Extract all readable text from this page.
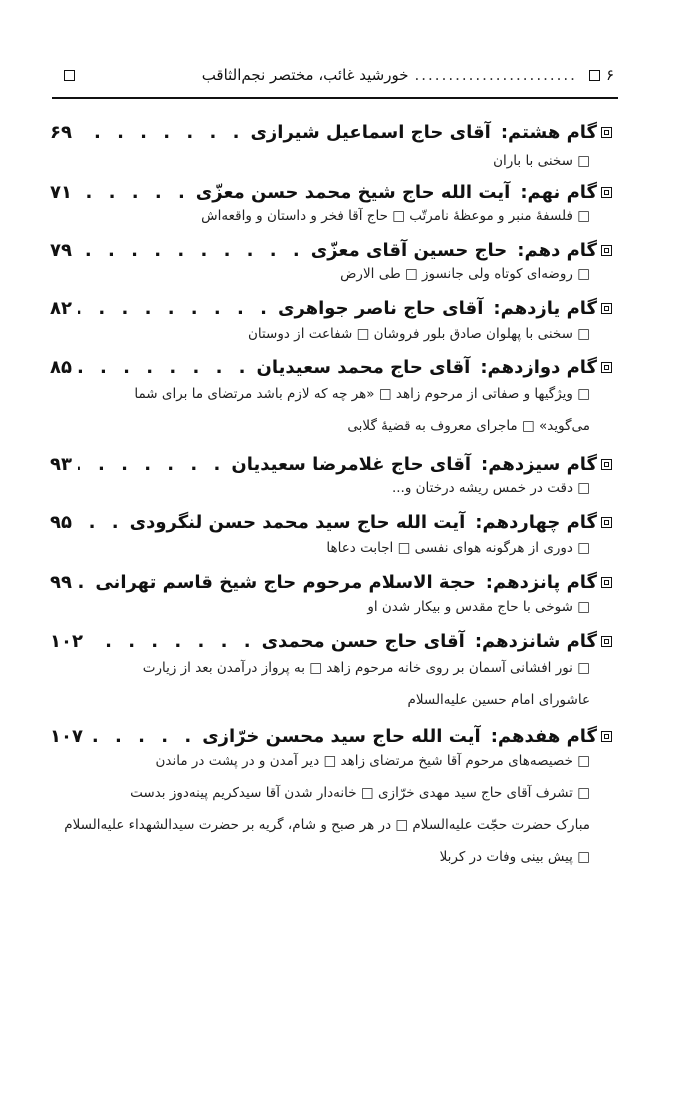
۶
........................
خورشید غائب، مختصر نجم‌الثاقب
گام هشتم:
آقای حاج اسماعیل شیرازی
. . .
۶۹
□ سخنی با باران
گام نهم:
آیت الله حاج شیخ محمد حسن معزّی
. . .
۷۱
□ فلسفهٔ منبر و موعظهٔ نامرتّب □ حاج آقا فخر و داستان و واقعه‌اش
گام دهم:
حاج حسین آقای معزّی
. . .
۷۹
□ روضه‌ای کوتاه ولی جانسوز □ طی الارض
گام یازدهم:
آقای حاج ناصر جواهری
. . .
۸۲
□ سخنی با پهلوان صادق بلور فروشان □ شفاعت از دوستان
گام دوازدهم:
آقای حاج محمد سعیدیان
. . .
۸۵
□ ویژگیها و صفاتی از مرحوم زاهد □ «هر چه که لازم باشد مرتضای ما برای شما
می‌گوید» □ ماجرای معروف به قضیهٔ گلابی
گام سیزدهم:
آقای حاج غلامرضا سعیدیان
. . .
۹۳
□ دقت در خمس ریشه درختان و...
گام چهاردهم:
آیت الله حاج سید محمد حسن لنگرودی
. . .
۹۵
□ دوری از هرگونه هوای نفسی □ اجابت دعاها
گام پانزدهم:
حجة الاسلام مرحوم حاج شیخ قاسم تهرانی
. . .
۹۹
□ شوخی با حاج مقدس و بیکار شدن او
گام شانزدهم:
آقای حاج حسن محمدی
. . .
۱۰۲
□ نور افشانی آسمان بر روی خانه مرحوم زاهد □ به پرواز درآمدن بعد از زیارت
عاشورای امام حسین علیه‌السلام
گام هفدهم:
آیت الله حاج سید محسن خرّازی
. . .
۱۰۷
□ خصیصه‌های مرحوم آقا شیخ مرتضای زاهد □ دیر آمدن و در پشت در ماندن
□ تشرف آقای حاج سید مهدی خرّازی □ خانه‌دار شدن آقا سیدکریم پینه‌دوز بدست
مبارک حضرت حجّت علیه‌السلام □ در هر صبح و شام، گریه بر حضرت سیدالشهداء علیه‌السلام
□ پیش بینی وفات در کربلا
